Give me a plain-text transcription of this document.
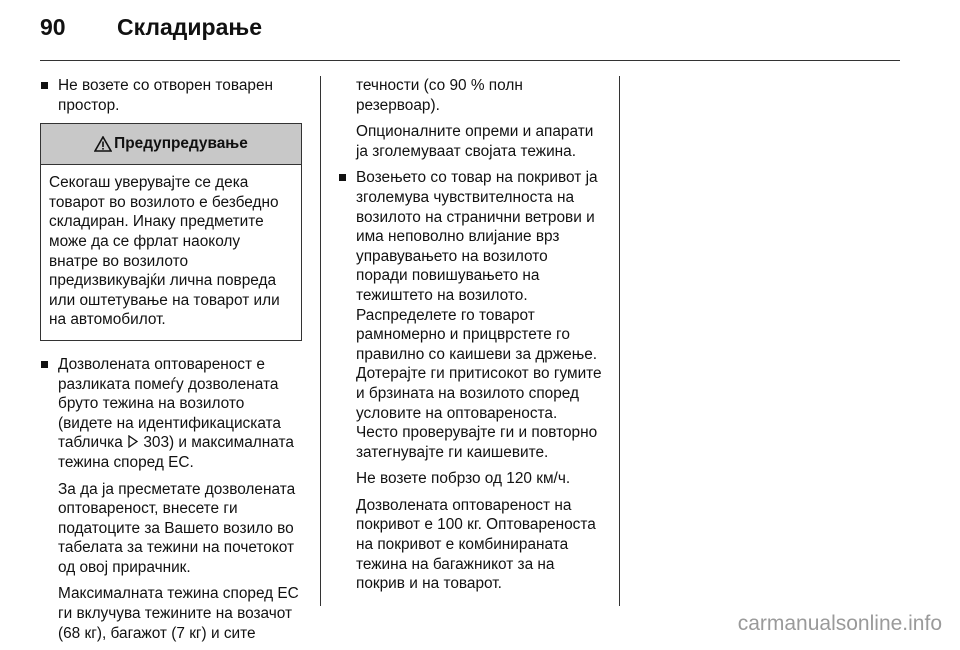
90 Складирање
Не возете со отворен товарен простор.
Предупредување
Секогаш уверувајте се дека товарот во возилото е безбедно складиран. Инаку предметите може да се фрлат наоколу внатре во возилото предизвикувајќи лична повреда или оштетување на товарот или на автомобилот.
Дозволената оптовареност е разликата помеѓу дозволената бруто тежина на возилото (видете на идентификациската табличка  303) и максималната тежина според ЕС.

За да ја пресметате дозволената оптовареност, внесете ги податоците за Вашето возило во табелата за тежини на почетокот од овој прирачник.

Максималната тежина според ЕС ги вклучува тежините на возачот (68 кг), багажот (7 кг) и сите

течности (со 90 % полн резервоар).

Опционалните опреми и апарати ја зголемуваат својата тежина.

Возењето со товар на покривот ја зголемува чувствителноста на возилото на странични ветрови и има неповолно влијание врз управувањето на возилото поради повишувањето на тежиштето на возилото. Распределете го товарот рамномерно и прицврстете го правилно со каишеви за држење. Дотерајте ги притисокот во гумите и брзината на возилото според условите на оптовареноста. Често проверувајте ги и повторно затегнувајте ги каишевите.

Не возете побрзо од 120 км/ч.

Дозволената оптовареност на покривот е 100 кг. Оптовареноста на покривот е комбинираната тежина на багажникот за на покрив и на товарот.

carmanualsonline.info
